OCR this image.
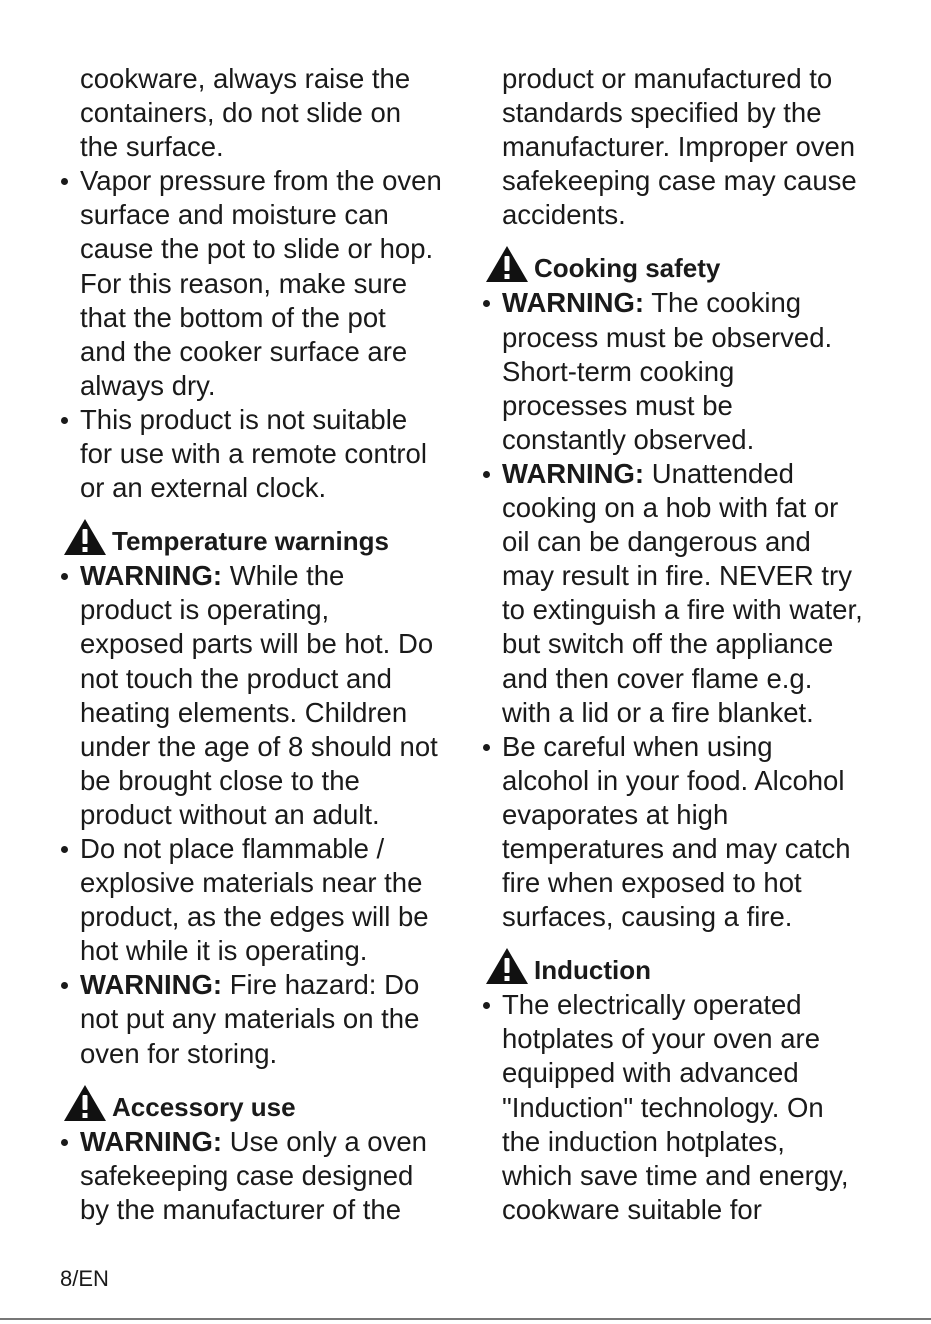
cookware, always raise the
containers, do not slide on
the surface.
Vapor pressure from the oven
surface and moisture can
cause the pot to slide or hop.
For this reason, make sure
that the bottom of the pot
and the cooker surface are
always dry.
This product is not suitable
for use with a remote control
or an external clock.
Temperature warnings
WARNING: While the
product is operating,
exposed parts will be hot. Do
not touch the product and
heating elements. Children
under the age of 8 should not
be brought close to the
product without an adult.
Do not place flammable /
explosive materials near the
product, as the edges will be
hot while it is operating.
WARNING: Fire hazard: Do
not put any materials on the
oven for storing.
Accessory use
WARNING: Use only a oven
safekeeping case designed
by the manufacturer of the
product or manufactured to
standards specified by the
manufacturer. Improper oven
safekeeping case may cause
accidents.
Cooking safety
WARNING: The cooking
process must be observed.
Short-term cooking
processes must be
constantly observed.
WARNING: Unattended
cooking on a hob with fat or
oil can be dangerous and
may result in fire. NEVER try
to extinguish a fire with water,
but switch off the appliance
and then cover flame e.g.
with a lid or a fire blanket.
Be careful when using
alcohol in your food. Alcohol
evaporates at high
temperatures and may catch
fire when exposed to hot
surfaces, causing a fire.
Induction
The electrically operated
hotplates of your oven are
equipped with advanced
"Induction" technology. On
the induction hotplates,
which save time and energy,
cookware suitable for
8/EN
